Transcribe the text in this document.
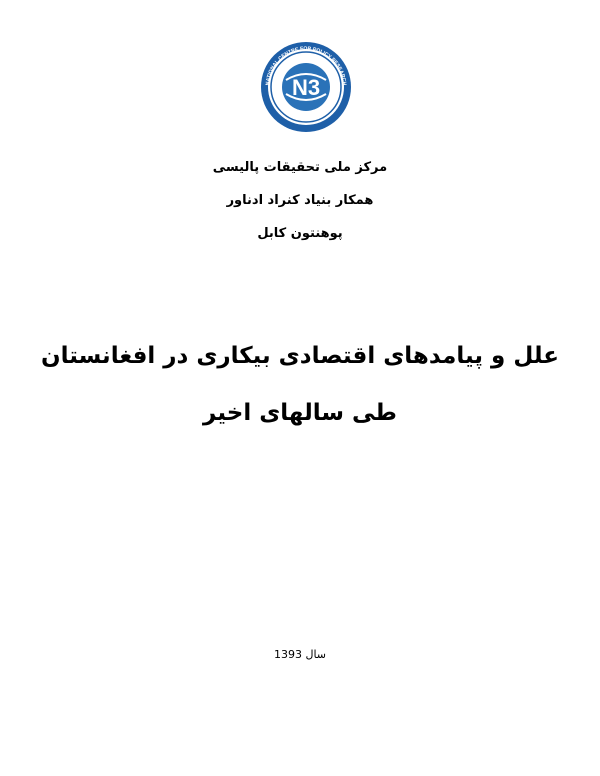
N3
NATIONAL CENTRE FOR POLICY RESEARCH
In collaboration with Konrad Adenauer Stiftung
مرکز ملی تحقیقات پالیسی
همکار بنیاد کنراد ادناور
پوهنتون کابل
علل و پیامدهای اقتصادی بیکاری در افغانستان
طی سالهای اخیر
سال 1393
